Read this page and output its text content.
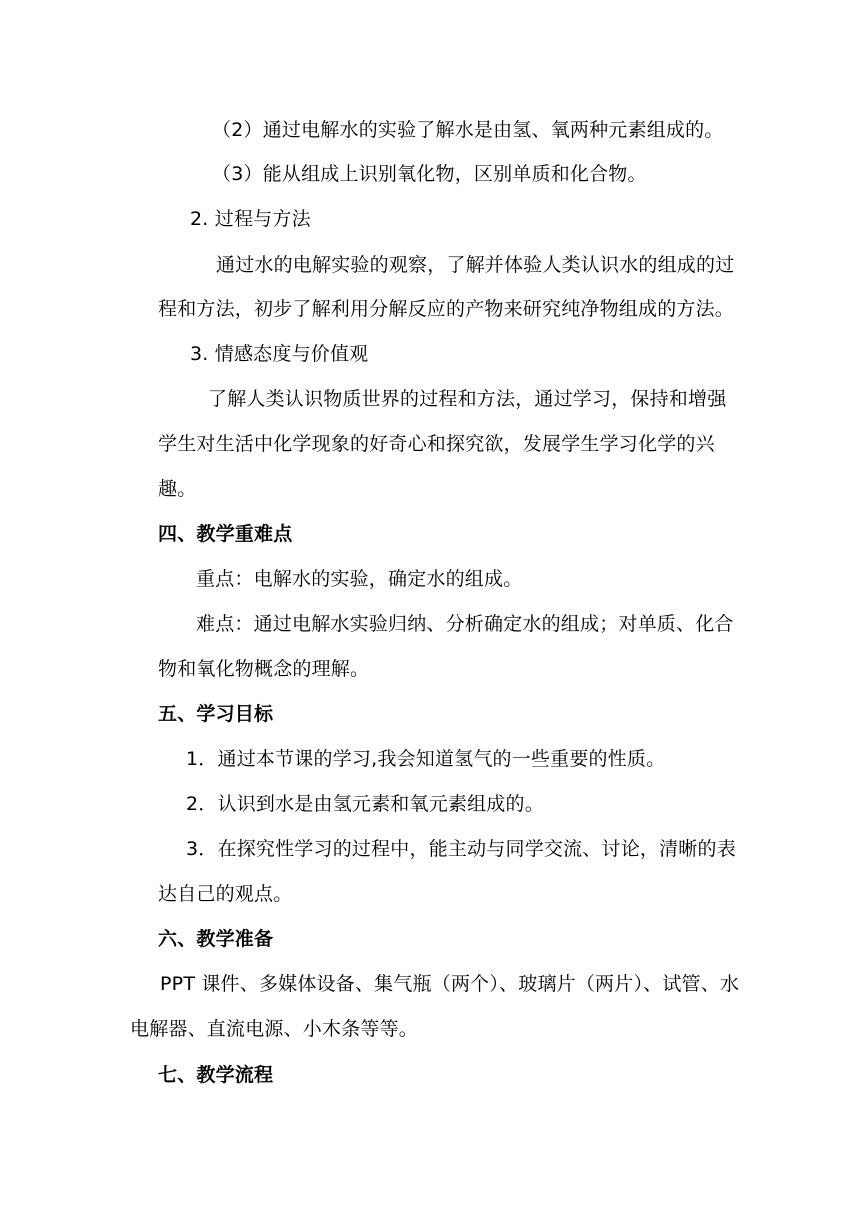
（2）通过电解水的实验了解水是由氢、氧两种元素组成的。
（3）能从组成上识别氧化物，区别单质和化合物。
2. 过程与方法
通过水的电解实验的观察，了解并体验人类认识水的组成的过
程和方法，初步了解利用分解反应的产物来研究纯净物组成的方法。
3. 情感态度与价值观
了解人类认识物质世界的过程和方法，通过学习，保持和增强
学生对生活中化学现象的好奇心和探究欲，发展学生学习化学的兴
趣。
四、教学重难点
重点：电解水的实验，确定水的组成。
难点：通过电解水实验归纳、分析确定水的组成；对单质、化合
物和氧化物概念的理解。
五、学习目标
1．通过本节课的学习,我会知道氢气的一些重要的性质。
2．认识到水是由氢元素和氧元素组成的。
3．在探究性学习的过程中，能主动与同学交流、讨论，清晰的表
达自己的观点。
六、教学准备
PPT 课件、多媒体设备、集气瓶（两个）、玻璃片（两片）、试管、水
电解器、直流电源、小木条等等。
七、教学流程
